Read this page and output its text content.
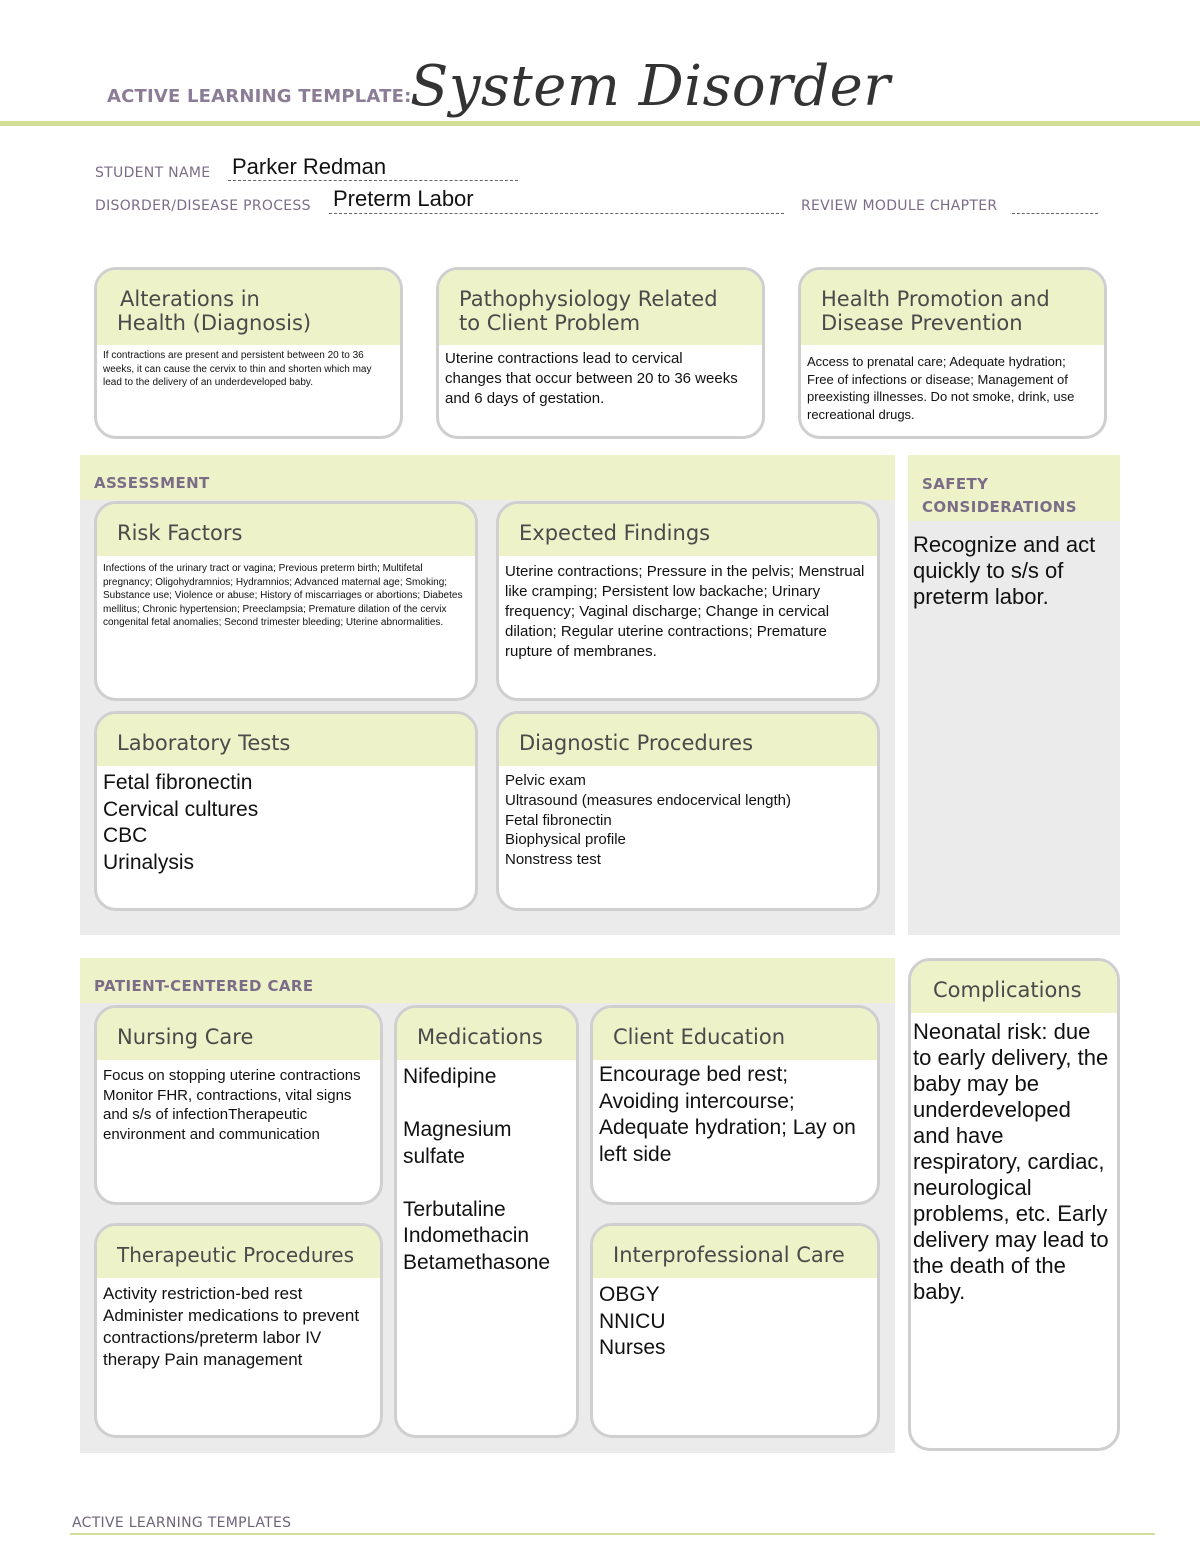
ACTIVE LEARNING TEMPLATE:
System Disorder
STUDENT NAME Parker Redman
DISORDER/DISEASE PROCESS Preterm Labor	REVIEW MODULE CHAPTER
Alterations in
Health (Diagnosis)
If contractions are present and persistent between 20 to 36 weeks, it can cause the cervix to thin and shorten which may lead to the delivery of an underdeveloped baby.
Pathophysiology Related
to Client Problem
Uterine contractions lead to cervical changes that occur between 20 to 36 weeks and 6 days of gestation.
Health Promotion and
Disease Prevention
Access to prenatal care; Adequate hydration; Free of infections or disease; Management of preexisting illnesses. Do not smoke, drink, use recreational drugs.
ASSESSMENT
Risk Factors
Infections of the urinary tract or vagina; Previous preterm birth; Multifetal pregnancy; Oligohydramnios; Hydramnios; Advanced maternal age; Smoking; Substance use; Violence or abuse; History of miscarriages or abortions; Diabetes mellitus; Chronic hypertension; Preeclampsia; Premature dilation of the cervix congenital fetal anomalies; Second trimester bleeding; Uterine abnormalities.
Expected Findings
Uterine contractions; Pressure in the pelvis; Menstrual like cramping; Persistent low backache; Urinary frequency; Vaginal discharge; Change in cervical dilation; Regular uterine contractions; Premature rupture of membranes.
Laboratory Tests
Fetal fibronectin
Cervical cultures
CBC
Urinalysis
Diagnostic Procedures
Pelvic exam
Ultrasound (measures endocervical length)
Fetal fibronectin
Biophysical profile
Nonstress test
SAFETY
CONSIDERATIONS
Recognize and act quickly to s/s of preterm labor.
PATIENT-CENTERED CARE
Nursing Care
Focus on stopping uterine contractions Monitor FHR, contractions, vital signs and s/s of infectionTherapeutic environment and communication
Medications
Nifedipine
Magnesium
sulfate
Terbutaline
Indomethacin
Betamethasone
Client Education
Encourage bed rest; Avoiding intercourse; Adequate hydration; Lay on left side
Therapeutic Procedures
Activity restriction-bed rest Administer medications to prevent contractions/preterm labor IV therapy Pain management
Interprofessional Care
OBGY
NNICU
Nurses
Complications
Neonatal risk: due to early delivery, the baby may be underdeveloped and have respiratory, cardiac, neurological problems, etc. Early delivery may lead to the death of the baby.
ACTIVE LEARNING TEMPLATES
